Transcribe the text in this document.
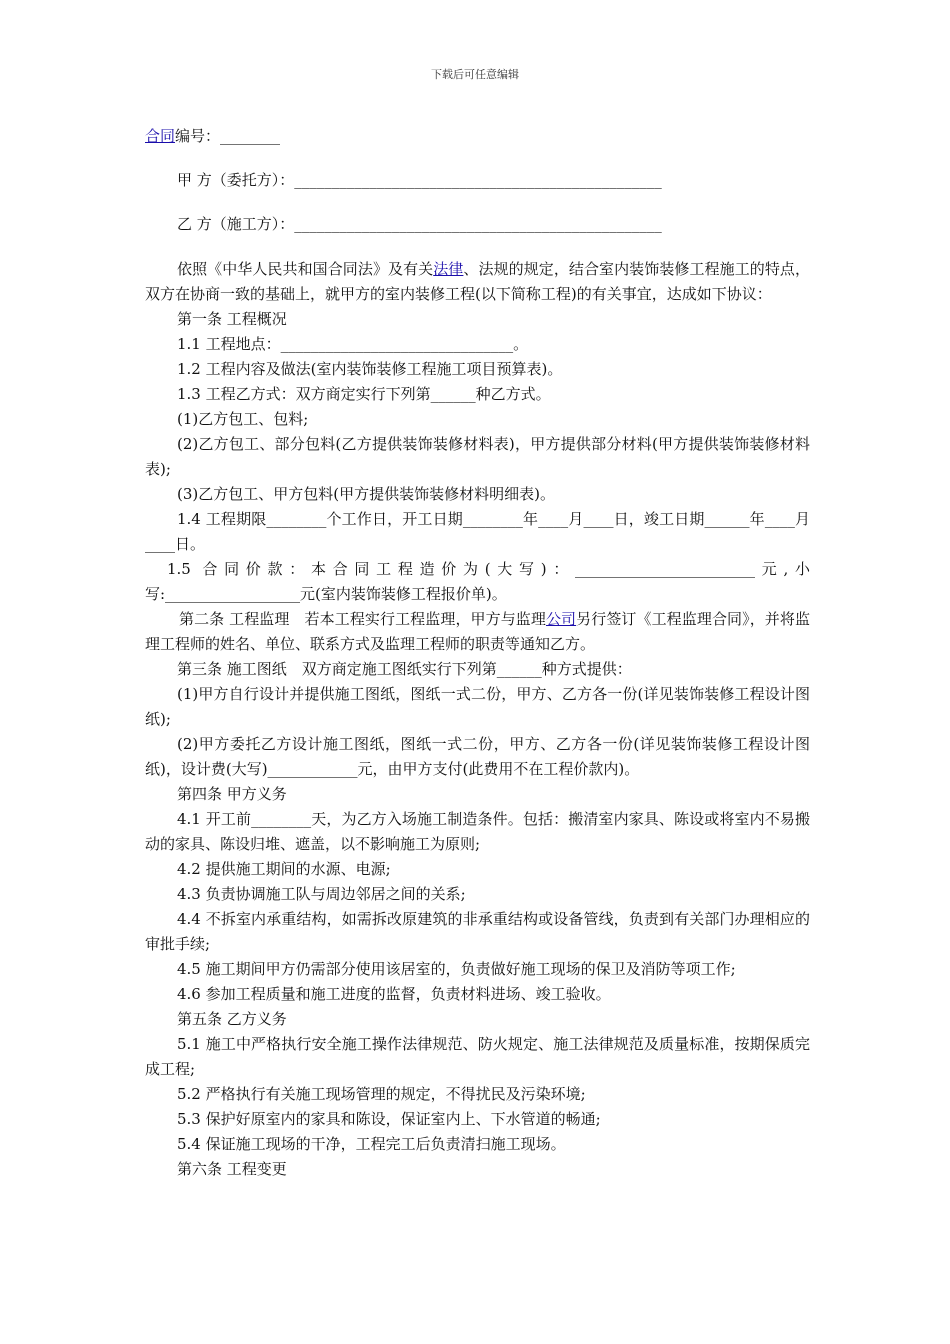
下载后可任意编辑
合同编号：________
甲 方（委托方）：_________________________________________________
乙 方（施工方）：_________________________________________________
依照《中华人民共和国合同法》及有关法律、法规的规定，结合室内装饰装修工程施工的特点，双方在协商一致的基础上，就甲方的室内装修工程(以下简称工程)的有关事宜，达成如下协议：
第一条 工程概况
1.1 工程地点：_______________________________。
1.2 工程内容及做法(室内装饰装修工程施工项目预算表)。
1.3 工程乙方式：双方商定实行下列第______种乙方式。
(1)乙方包工、包料;
(2)乙方包工、部分包料(乙方提供装饰装修材料表)，甲方提供部分材料(甲方提供装饰装修材料表);
(3)乙方包工、甲方包料(甲方提供装饰装修材料明细表)。
1.4 工程期限________个工作日，开工日期________年____月____日，竣工日期______年____月____日。
1.5 合同价款：本合同工程造价为(大写)：________________________元,小写:__________________元(室内装饰装修工程报价单)。
第二条 工程监理　若本工程实行工程监理，甲方与监理公司另行签订《工程监理合同》，并将监理工程师的姓名、单位、联系方式及监理工程师的职责等通知乙方。
第三条 施工图纸　双方商定施工图纸实行下列第______种方式提供：
(1)甲方自行设计并提供施工图纸，图纸一式二份，甲方、乙方各一份(详见装饰装修工程设计图纸);
(2)甲方委托乙方设计施工图纸，图纸一式二份，甲方、乙方各一份(详见装饰装修工程设计图纸)，设计费(大写)____________元，由甲方支付(此费用不在工程价款内)。
第四条 甲方义务
4.1 开工前________天，为乙方入场施工制造条件。包括：搬清室内家具、陈设或将室内不易搬动的家具、陈设归堆、遮盖，以不影响施工为原则;
4.2 提供施工期间的水源、电源;
4.3 负责协调施工队与周边邻居之间的关系;
4.4 不拆室内承重结构，如需拆改原建筑的非承重结构或设备管线，负责到有关部门办理相应的审批手续;
4.5 施工期间甲方仍需部分使用该居室的，负责做好施工现场的保卫及消防等项工作;
4.6 参加工程质量和施工进度的监督，负责材料进场、竣工验收。
第五条 乙方义务
5.1 施工中严格执行安全施工操作法律规范、防火规定、施工法律规范及质量标准，按期保质完成工程;
5.2 严格执行有关施工现场管理的规定，不得扰民及污染环境;
5.3 保护好原室内的家具和陈设，保证室内上、下水管道的畅通;
5.4 保证施工现场的干净，工程完工后负责清扫施工现场。
第六条 工程变更
